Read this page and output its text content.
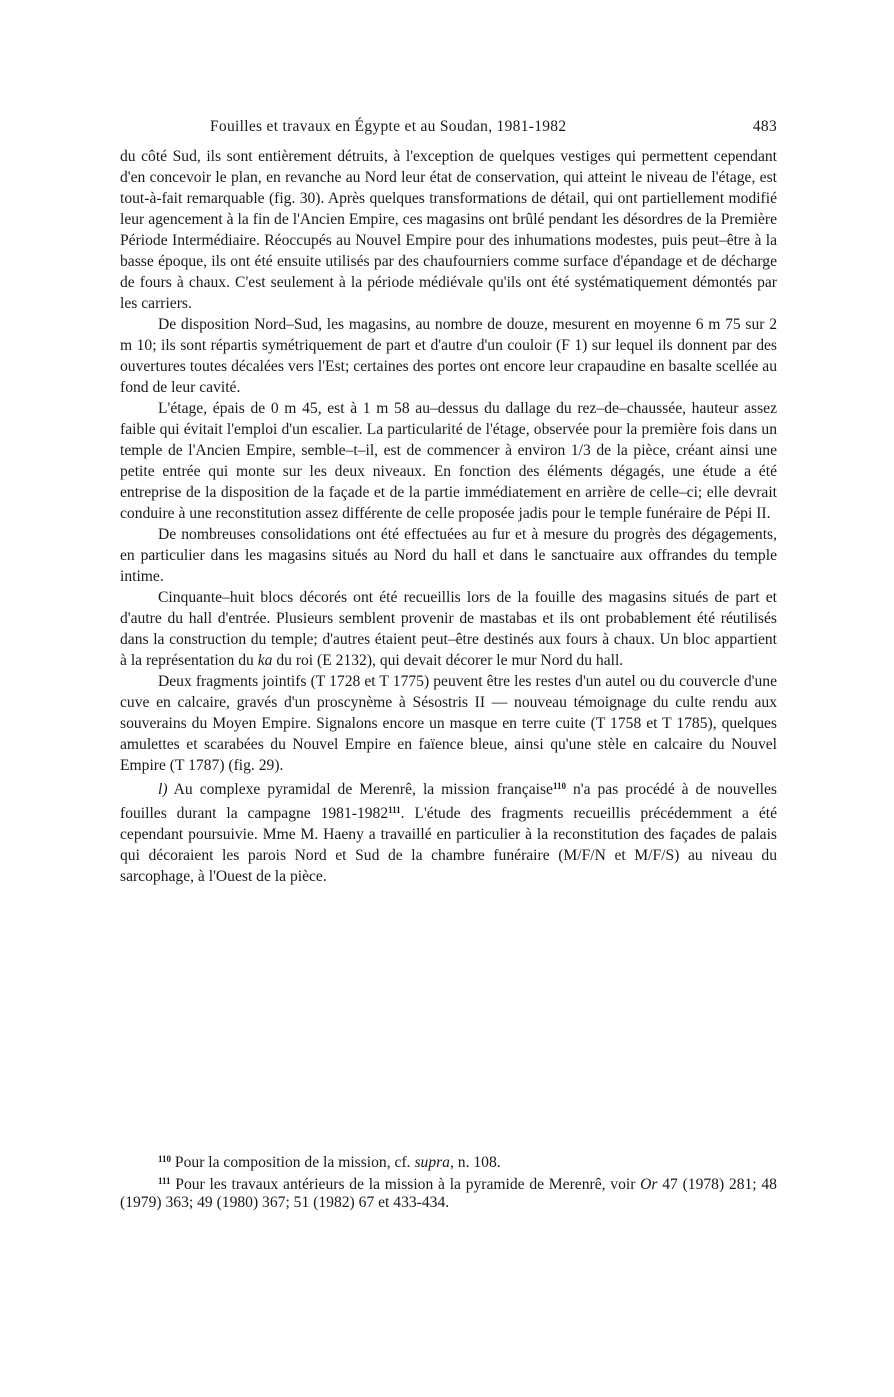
Fouilles et travaux en Égypte et au Soudan, 1981-1982	483

du côté Sud, ils sont entièrement détruits, à l'exception de quelques vestiges qui permettent cependant d'en concevoir le plan, en revanche au Nord leur état de conservation, qui atteint le niveau de l'étage, est tout-à-fait remarquable (fig. 30). Après quelques transformations de détail, qui ont partiellement modifié leur agencement à la fin de l'Ancien Empire, ces magasins ont brûlé pendant les désordres de la Première Période Intermédiaire. Réoccupés au Nouvel Empire pour des inhumations modestes, puis peut–être à la basse époque, ils ont été ensuite utilisés par des chaufourniers comme surface d'épandage et de décharge de fours à chaux. C'est seulement à la période médiévale qu'ils ont été systématiquement démontés par les carriers.

De disposition Nord–Sud, les magasins, au nombre de douze, mesurent en moyenne 6 m 75 sur 2 m 10; ils sont répartis symétriquement de part et d'autre d'un couloir (F 1) sur lequel ils donnent par des ouvertures toutes décalées vers l'Est; certaines des portes ont encore leur crapaudine en basalte scellée au fond de leur cavité.

L'étage, épais de 0 m 45, est à 1 m 58 au–dessus du dallage du rez–de–chaussée, hauteur assez faible qui évitait l'emploi d'un escalier. La particularité de l'étage, observée pour la première fois dans un temple de l'Ancien Empire, semble–t–il, est de commencer à environ 1/3 de la pièce, créant ainsi une petite entrée qui monte sur les deux niveaux. En fonction des éléments dégagés, une étude a été entreprise de la disposition de la façade et de la partie immédiatement en arrière de celle–ci; elle devrait conduire à une reconstitution assez différente de celle proposée jadis pour le temple funéraire de Pépi II.

De nombreuses consolidations ont été effectuées au fur et à mesure du progrès des dégagements, en particulier dans les magasins situés au Nord du hall et dans le sanctuaire aux offrandes du temple intime.

Cinquante–huit blocs décorés ont été recueillis lors de la fouille des magasins situés de part et d'autre du hall d'entrée. Plusieurs semblent provenir de mastabas et ils ont probablement été réutilisés dans la construction du temple; d'autres étaient peut–être destinés aux fours à chaux. Un bloc appartient à la représentation du ka du roi (E 2132), qui devait décorer le mur Nord du hall.

Deux fragments jointifs (T 1728 et T 1775) peuvent être les restes d'un autel ou du couvercle d'une cuve en calcaire, gravés d'un proscynème à Sésostris II — nouveau témoignage du culte rendu aux souverains du Moyen Empire. Signalons encore un masque en terre cuite (T 1758 et T 1785), quelques amulettes et scarabées du Nouvel Empire en faïence bleue, ainsi qu'une stèle en calcaire du Nouvel Empire (T 1787) (fig. 29).

l) Au complexe pyramidal de Merenrê, la mission française$^{110}$ n'a pas procédé à de nouvelles fouilles durant la campagne 1981-1982$^{111}$. L'étude des fragments recueillis précédemment a été cependant poursuivie. Mme M. Haeny a travaillé en particulier à la reconstitution des façades de palais qui décoraient les parois Nord et Sud de la chambre funéraire (M/F/N et M/F/S) au niveau du sarcophage, à l'Ouest de la pièce.

$^{110}$ Pour la composition de la mission, cf. supra, n. 108.

$^{111}$ Pour les travaux antérieurs de la mission à la pyramide de Merenrê, voir Or 47 (1978) 281; 48 (1979) 363; 49 (1980) 367; 51 (1982) 67 et 433-434.
